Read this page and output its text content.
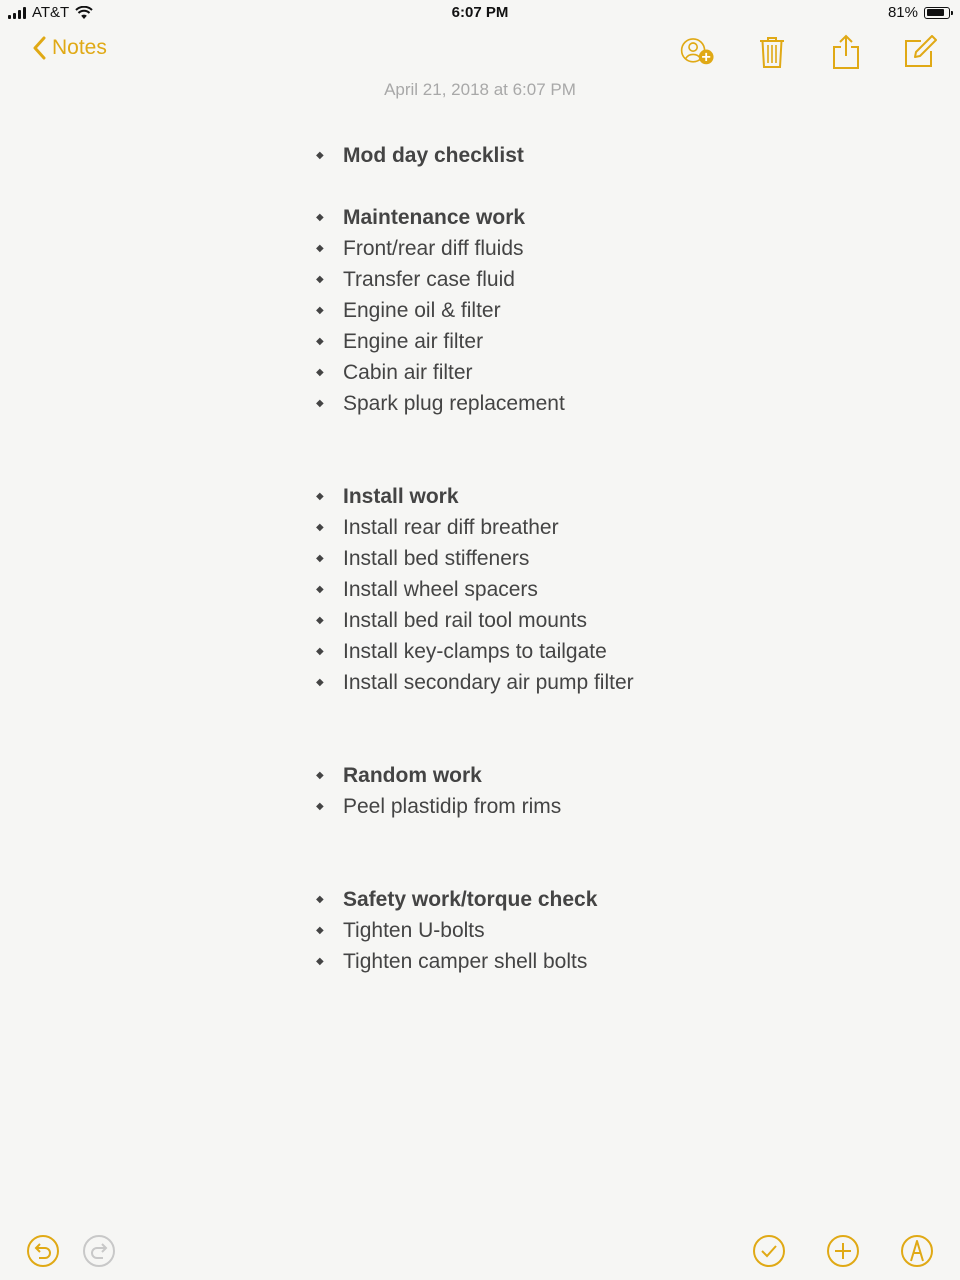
AT&T	6:07 PM	81%
Notes
April 21, 2018 at 6:07 PM
◆ Mod day checklist
◆ Maintenance work
◆ Front/rear diff fluids
◆ Transfer case fluid
◆ Engine oil & filter
◆ Engine air filter
◆ Cabin air filter
◆ Spark plug replacement
◆ Install work
◆ Install rear diff breather
◆ Install bed stiffeners
◆ Install wheel spacers
◆ Install bed rail tool mounts
◆ Install key-clamps to tailgate
◆ Install secondary air pump filter
◆ Random work
◆ Peel plastidip from rims
◆ Safety work/torque check
◆ Tighten U-bolts
◆ Tighten camper shell bolts
